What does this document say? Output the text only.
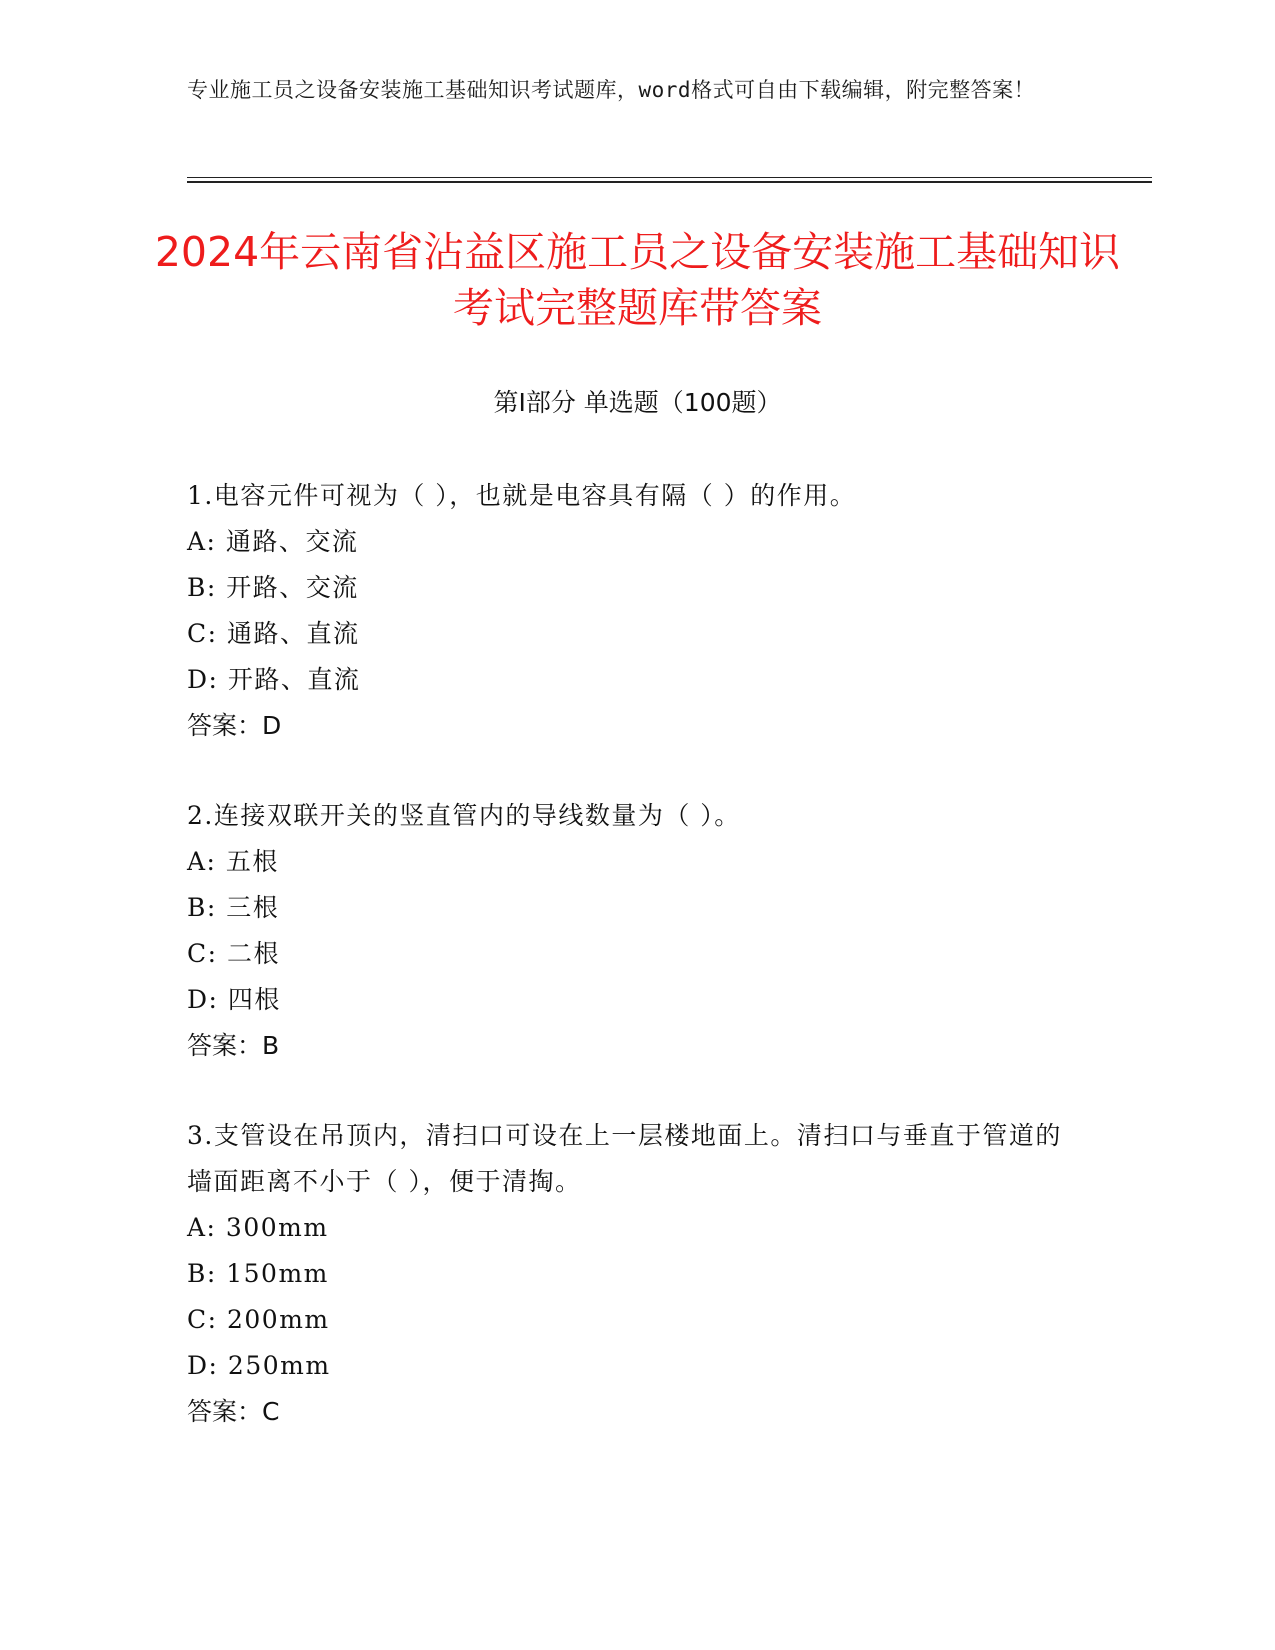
专业施工员之设备安装施工基础知识考试题库，word格式可自由下载编辑，附完整答案！
2024年云南省沾益区施工员之设备安装施工基础知识考试完整题库带答案
第Ⅰ部分 单选题（100题）
1.电容元件可视为（ ），也就是电容具有隔（ ）的作用。
A: 通路、交流
B: 开路、交流
C: 通路、直流
D: 开路、直流
答案：D
2.连接双联开关的竖直管内的导线数量为（ ）。
A: 五根
B: 三根
C: 二根
D: 四根
答案：B
3.支管设在吊顶内，清扫口可设在上一层楼地面上。清扫口与垂直于管道的墙面距离不小于（ ），便于清掏。
A: 300mm
B: 150mm
C: 200mm
D: 250mm
答案：C
